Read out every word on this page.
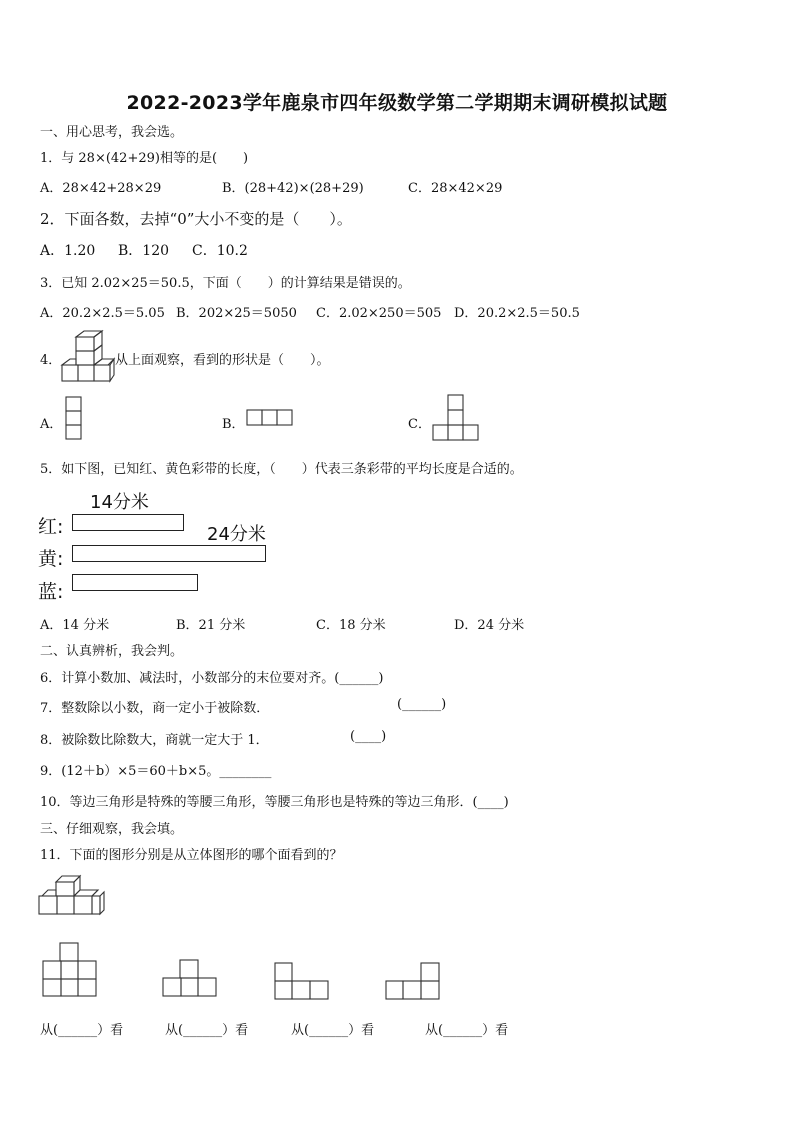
2022-2023学年鹿泉市四年级数学第二学期期末调研模拟试题
一、用心思考，我会选。
1．与 28×(42+29)相等的是(　　)
A．28×42+28×29	B．(28+42)×(28+29)	C．28×42×29
2．下面各数，去掉“0”大小不变的是（　　）。
A．1.20 B．120 C．10.2
3．已知 2.02×25＝50.5，下面（　　）的计算结果是错误的。
A．20.2×2.5＝5.05 B．202×25＝5050 C．2.02×250＝505 D．20.2×2.5＝50.5
4．	从上面观察，看到的形状是（　　）。
A．	B．	C．
5．如下图，已知红、黄色彩带的长度，（　　）代表三条彩带的平均长度是合适的。
14分米
24分米
红:
黄:
蓝:
A．14 分米	B．21 分米	C．18 分米	D．24 分米
二、认真辨析，我会判。
6．计算小数加、减法时，小数部分的末位要对齐。(______)
7．整数除以小数，商一定小于被除数．	(______)
8．被除数比除数大，商就一定大于 1．	(____)
9．(12＋b）×5＝60＋b×5。________
10．等边三角形是特殊的等腰三角形，等腰三角形也是特殊的等边三角形．(____)
三、仔细观察，我会填。
11．下面的图形分别是从立体图形的哪个面看到的？
从(______）看	从(______）看	从(______）看	从(______）看
